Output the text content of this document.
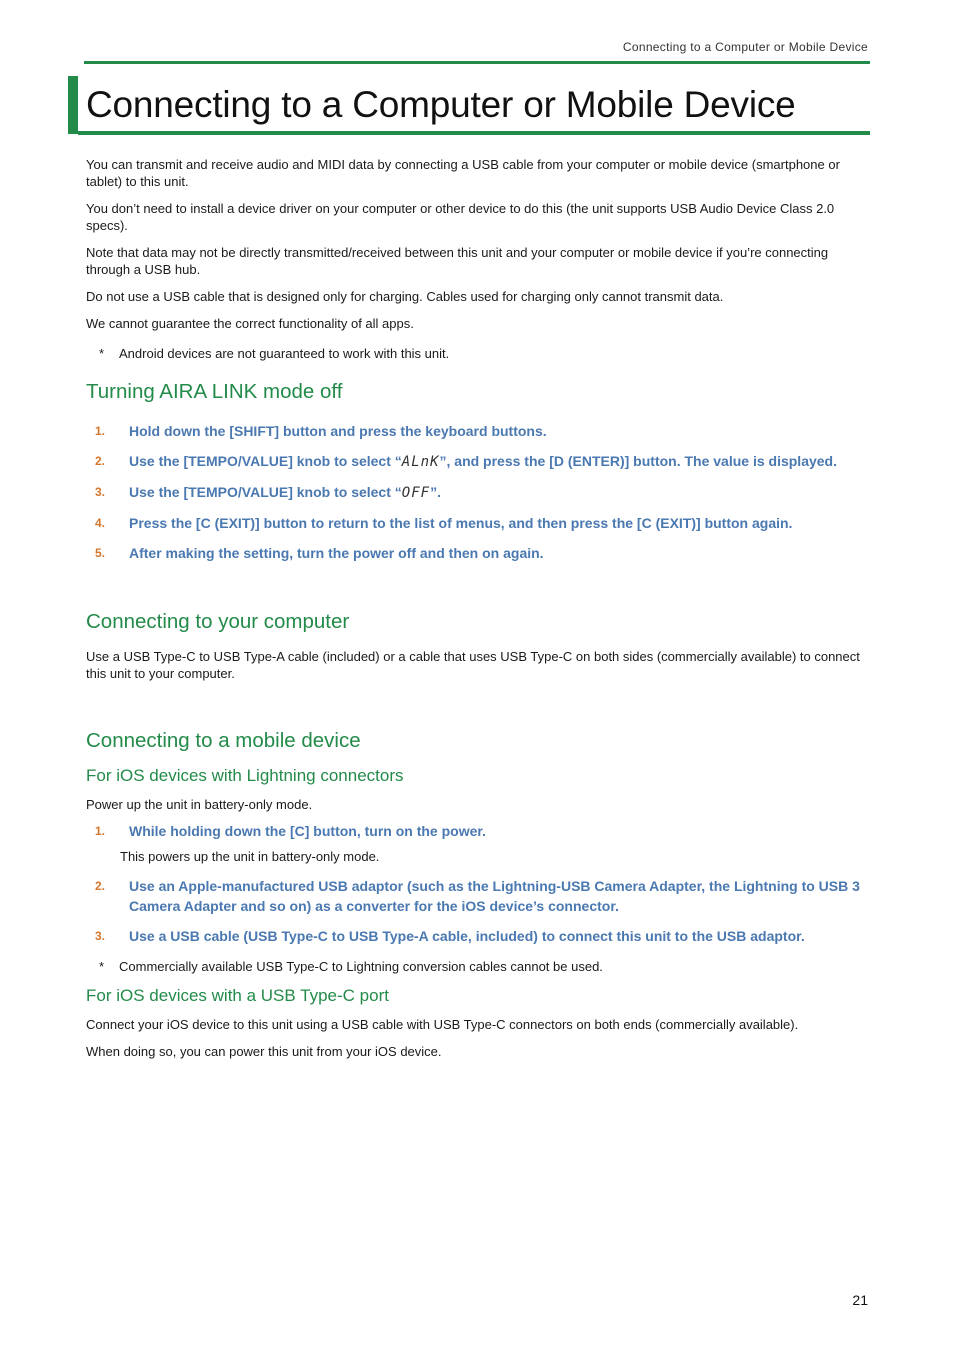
Connecting to a Computer or Mobile Device
Connecting to a Computer or Mobile Device

You can transmit and receive audio and MIDI data by connecting a USB cable from your computer or mobile device (smartphone or tablet) to this unit.

You don’t need to install a device driver on your computer or other device to do this (the unit supports USB Audio Device Class 2.0 specs).

Note that data may not be directly transmitted/received between this unit and your computer or mobile device if you’re connecting through a USB hub.

Do not use a USB cable that is designed only for charging. Cables used for charging only cannot transmit data.

We cannot guarantee the correct functionality of all apps.

*	Android devices are not guaranteed to work with this unit.
Turning AIRA LINK mode off
1.	Hold down the [SHIFT] button and press the keyboard buttons.
2.	Use the [TEMPO/VALUE] knob to select “ALnK”, and press the [D (ENTER)] button. The value is displayed.
3.	Use the [TEMPO/VALUE] knob to select “OFF”.
4.	Press the [C (EXIT)] button to return to the list of menus, and then press the [C (EXIT)] button again.
5.	After making the setting, turn the power off and then on again.
Connecting to your computer

Use a USB Type-C to USB Type-A cable (included) or a cable that uses USB Type-C on both sides (commercially available) to connect this unit to your computer.

Connecting to a mobile device
For iOS devices with Lightning connectors

Power up the unit in battery-only mode.

1.	While holding down the [C] button, turn on the power.
This powers up the unit in battery-only mode.
2.	Use an Apple-manufactured USB adaptor (such as the Lightning-USB Camera Adapter, the Lightning to USB 3 Camera Adapter and so on) as a converter for the iOS device’s connector.
3.	Use a USB cable (USB Type-C to USB Type-A cable, included) to connect this unit to the USB adaptor.
*	Commercially available USB Type-C to Lightning conversion cables cannot be used.
For iOS devices with a USB Type-C port

Connect your iOS device to this unit using a USB cable with USB Type-C connectors on both ends (commercially available).

When doing so, you can power this unit from your iOS device.

21
